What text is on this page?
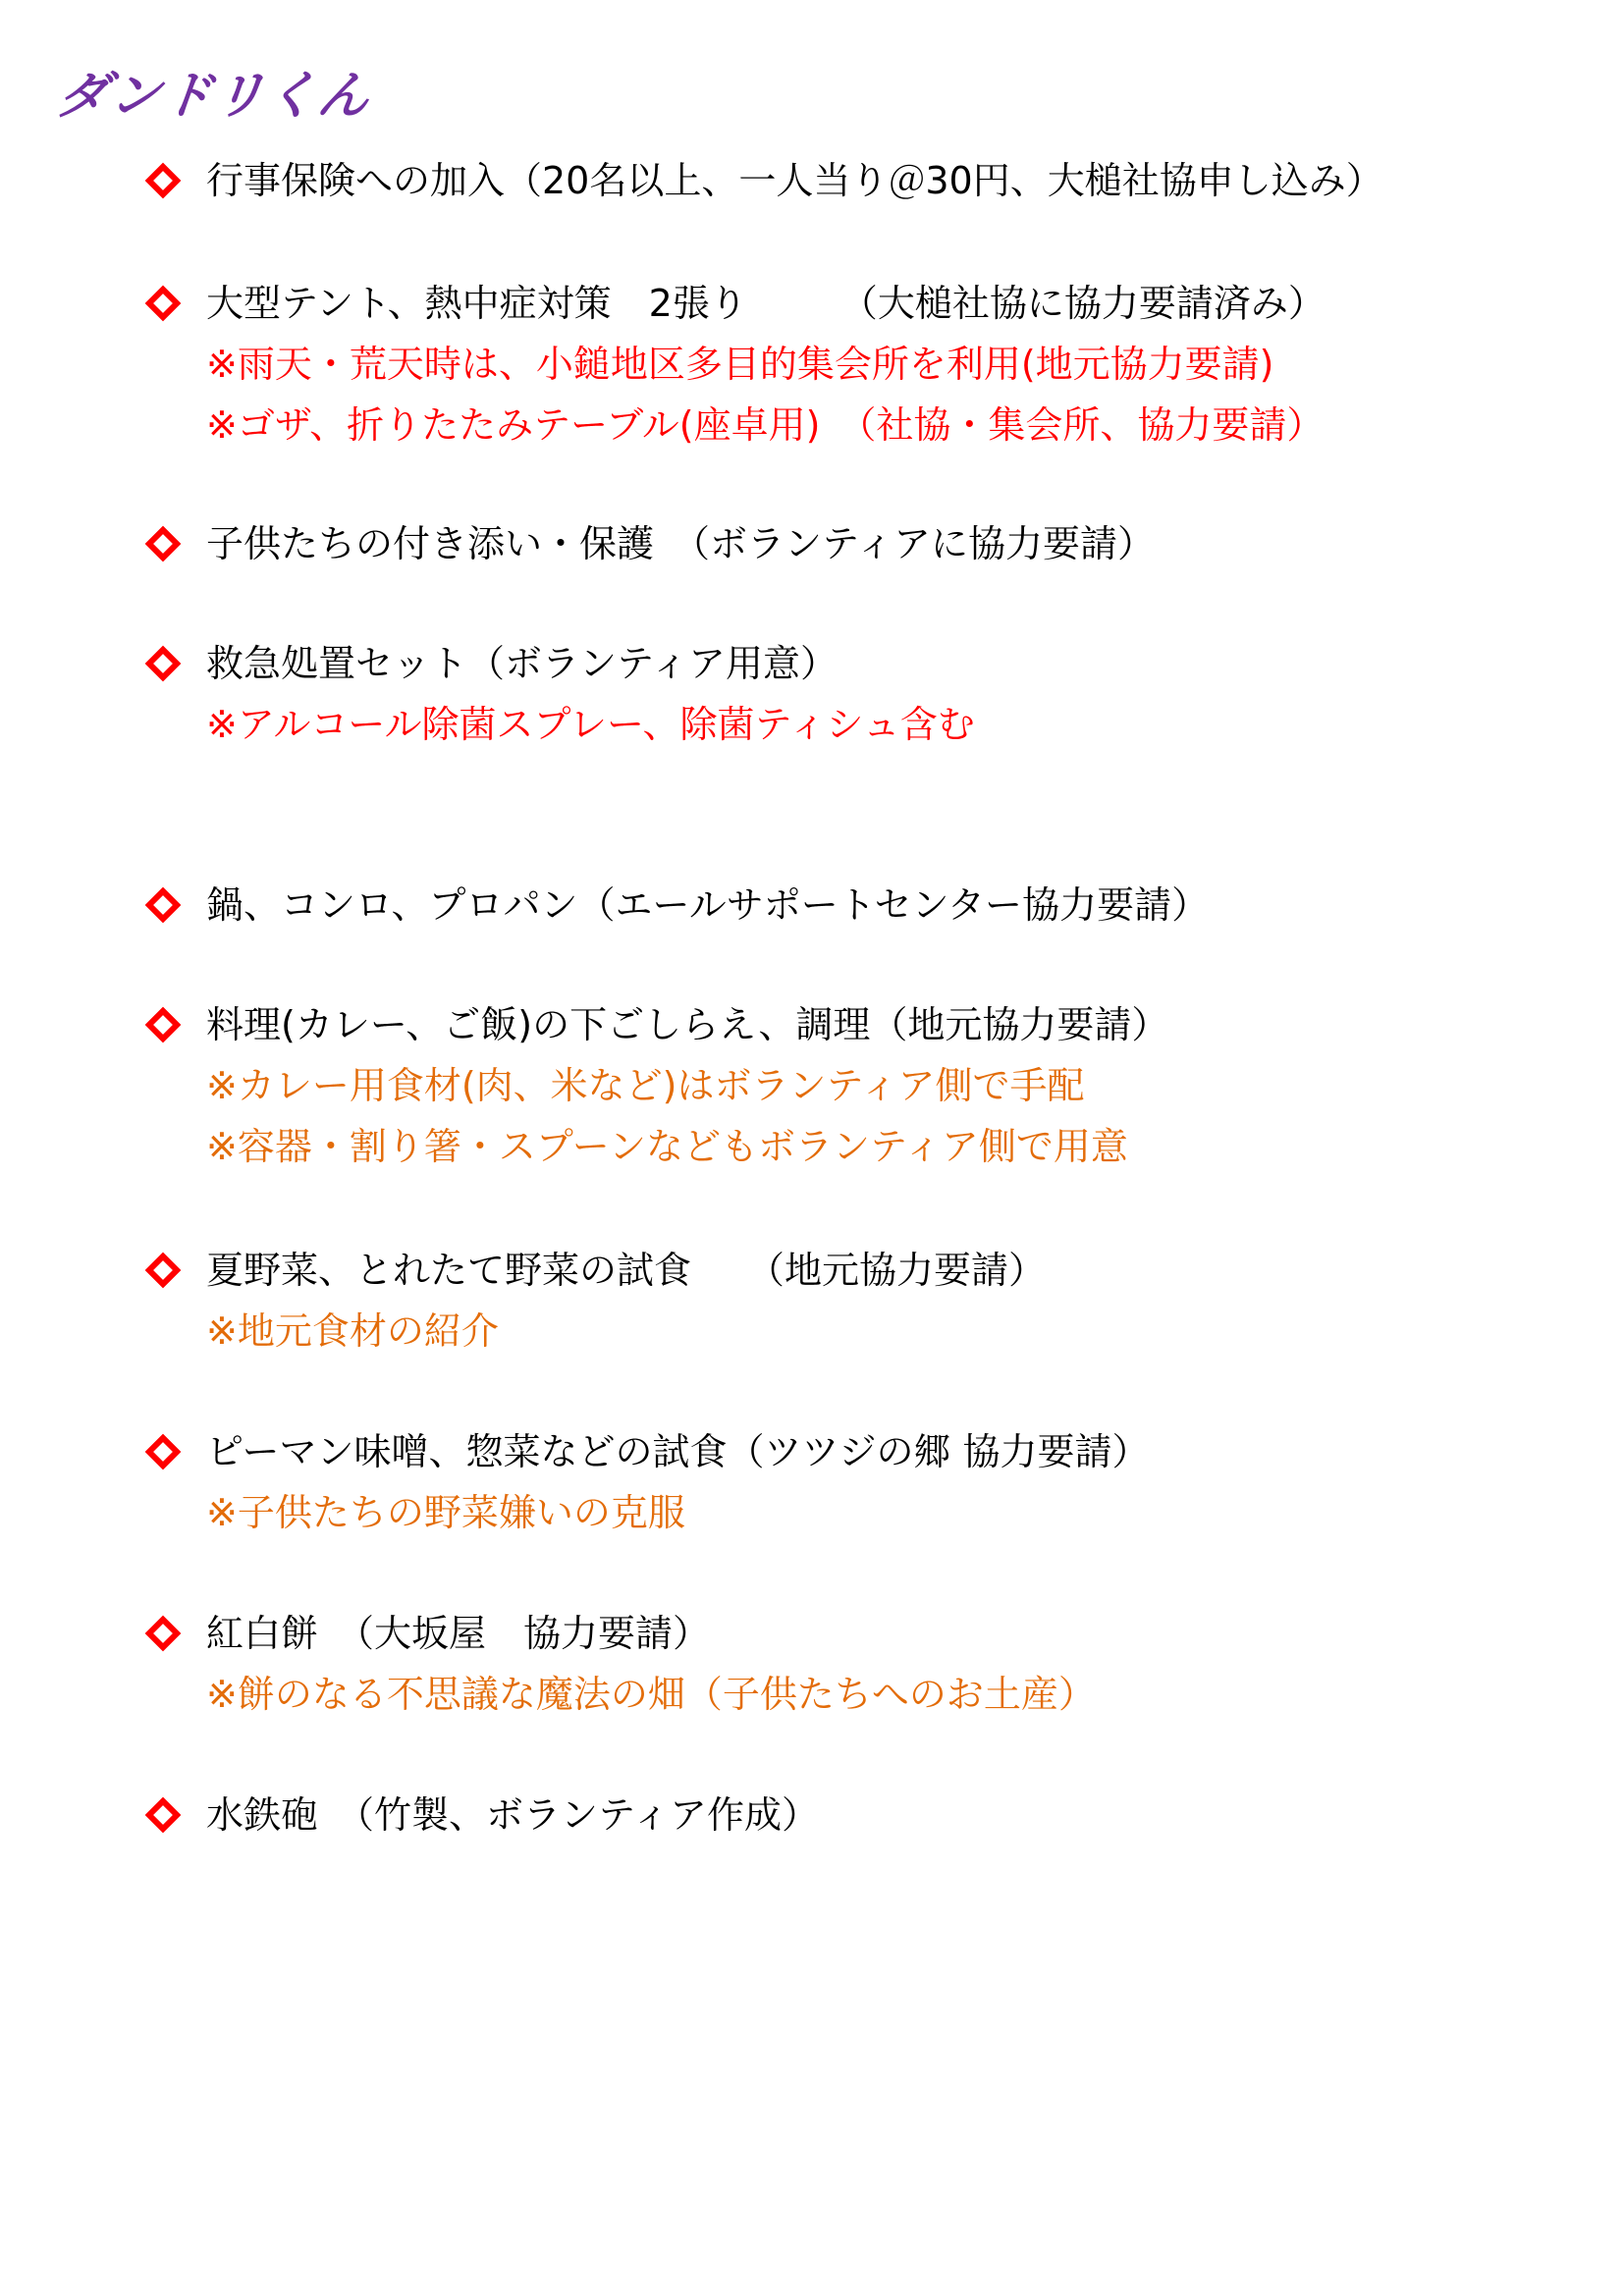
ダンドリくん
行事保険への加入（20名以上、一人当り＠30円、大槌社協申し込み）
大型テント、熱中症対策　2張り　　　（大槌社協に協力要請済み）
※雨天・荒天時は、小鎚地区多目的集会所を利用(地元協力要請)
※ゴザ、折りたたみテーブル(座卓用)　（社協・集会所、協力要請）
子供たちの付き添い・保護　（ボランティアに協力要請）
救急処置セット（ボランティア用意）
※アルコール除菌スプレー、除菌ティシュ含む
鍋、コンロ、プロパン（エールサポートセンター協力要請）
料理(カレー、ご飯)の下ごしらえ、調理（地元協力要請）
※カレー用食材(肉、米など)はボランティア側で手配
※容器・割り箸・スプーンなどもボランティア側で用意
夏野菜、とれたて野菜の試食　　（地元協力要請）
※地元食材の紹介
ピーマン味噌、惣菜などの試食（ツツジの郷 協力要請）
※子供たちの野菜嫌いの克服
紅白餅　（大坂屋　協力要請）
※餅のなる不思議な魔法の畑（子供たちへのお土産）
水鉄砲　（竹製、ボランティア作成）
